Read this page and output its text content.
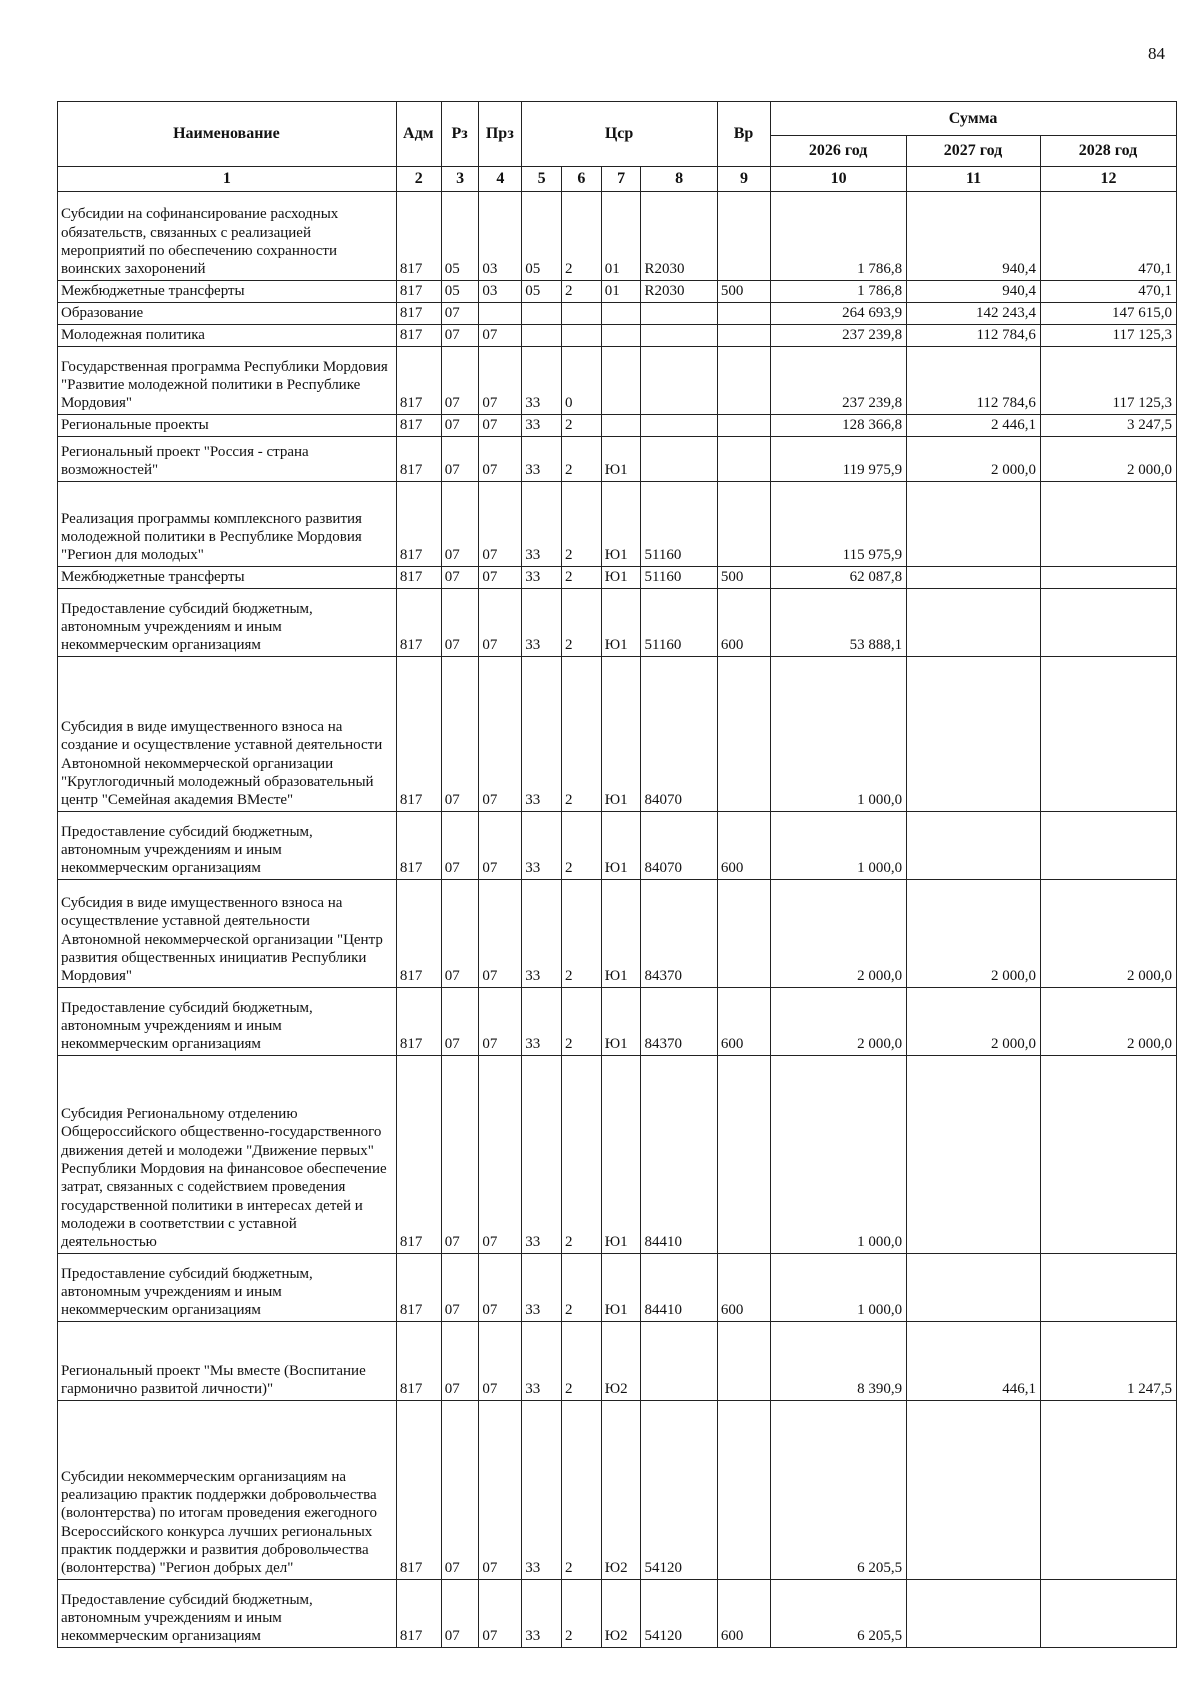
84
Наименование	Адм	Рз	Прз	Цср				Вр	Сумма		
									2026 год	2027 год	2028 год
1	2	3	4	5	6	7	8	9	10	11	12
Субсидии на софинансирование расходных обязательств, связанных с реализацией мероприятий по обеспечению сохранности воинских захоронений	817	05	03	05	2	01	R2030		1 786,8	940,4	470,1
Межбюджетные трансферты	817	05	03	05	2	01	R2030	500	1 786,8	940,4	470,1
Образование	817	07							264 693,9	142 243,4	147 615,0
Молодежная политика	817	07	07						237 239,8	112 784,6	117 125,3
Государственная программа Республики Мордовия "Развитие молодежной политики в Республике Мордовия"	817	07	07	33	0				237 239,8	112 784,6	117 125,3
Региональные проекты	817	07	07	33	2				128 366,8	2 446,1	3 247,5
Региональный проект "Россия - страна возможностей"	817	07	07	33	2	Ю1			119 975,9	2 000,0	2 000,0
Реализация программы комплексного развития молодежной политики в Республике Мордовия "Регион для молодых"	817	07	07	33	2	Ю1	51160		115 975,9		
Межбюджетные трансферты	817	07	07	33	2	Ю1	51160	500	62 087,8		
Предоставление субсидий бюджетным, автономным учреждениям и иным некоммерческим организациям	817	07	07	33	2	Ю1	51160	600	53 888,1		
Субсидия в виде имущественного взноса на создание и осуществление уставной деятельности Автономной некоммерческой организации "Круглогодичный молодежный образовательный центр "Семейная академия ВМесте"	817	07	07	33	2	Ю1	84070		1 000,0		
Предоставление субсидий бюджетным, автономным учреждениям и иным некоммерческим организациям	817	07	07	33	2	Ю1	84070	600	1 000,0		
Субсидия в виде имущественного взноса на осуществление уставной деятельности Автономной некоммерческой организации "Центр развития общественных инициатив Республики Мордовия"	817	07	07	33	2	Ю1	84370		2 000,0	2 000,0	2 000,0
Предоставление субсидий бюджетным, автономным учреждениям и иным некоммерческим организациям	817	07	07	33	2	Ю1	84370	600	2 000,0	2 000,0	2 000,0
Субсидия Региональному отделению Общероссийского общественно-государственного движения детей и молодежи "Движение первых" Республики Мордовия на финансовое обеспечение затрат, связанных с содействием проведения государственной политики в интересах детей и молодежи в соответствии с уставной деятельностью	817	07	07	33	2	Ю1	84410		1 000,0		
Предоставление субсидий бюджетным, автономным учреждениям и иным некоммерческим организациям	817	07	07	33	2	Ю1	84410	600	1 000,0		
Региональный проект "Мы вместе (Воспитание гармонично развитой личности)"	817	07	07	33	2	Ю2			8 390,9	446,1	1 247,5
Субсидии некоммерческим организациям на реализацию практик поддержки добровольчества (волонтерства) по итогам проведения ежегодного Всероссийского конкурса лучших региональных практик поддержки и развития добровольчества (волонтерства) "Регион добрых дел"	817	07	07	33	2	Ю2	54120		6 205,5		
Предоставление субсидий бюджетным, автономным учреждениям и иным некоммерческим организациям	817	07	07	33	2	Ю2	54120	600	6 205,5		
